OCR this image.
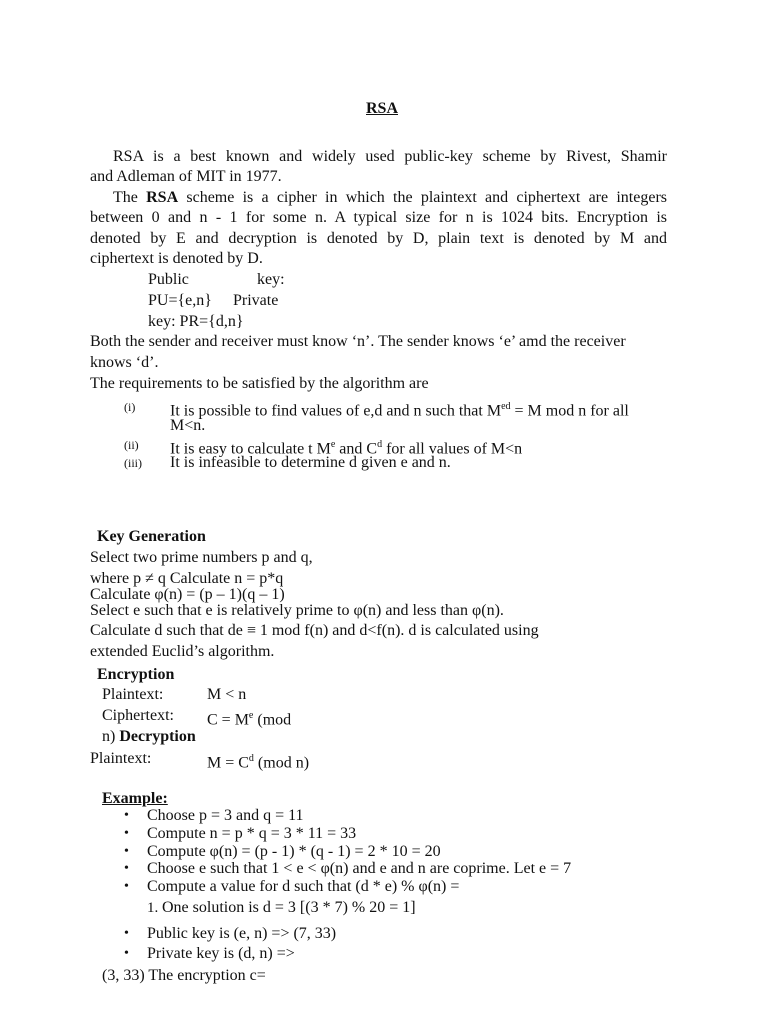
RSA
RSA is a best known and widely used public-key scheme by Rivest, Shamir
and Adleman of MIT in 1977.
The RSA scheme is a cipher in which the plaintext and ciphertext are integers
between 0 and n - 1 for some n. A typical size for n is 1024 bits. Encryption is
denoted by E and decryption is denoted by D, plain text is denoted by M and
ciphertext is denoted by D.
Public	key:
PU={e,n} Private
key: PR={d,n}
Both the sender and receiver must know ‘n’. The sender knows ‘e’ amd the receiver
knows ‘d’.
The requirements to be satisfied by the algorithm are
(i) It is possible to find values of e,d and n such that $M^{ed} = M$ mod n for all
M<n.
(ii) It is easy to calculate t Me and $C^d$ for all values of M<n
(iii) It is infeasible to determine d given e and n.
Key Generation
Select two prime numbers p and q,
where p ≠ q Calculate n = p*q
Calculate φ(n) = (p – 1)(q – 1)
Select e such that e is relatively prime to φ(n) and less than φ(n).
Calculate d such that de ≡ 1 mod f(n) and d<f(n). d is calculated using
extended Euclid’s algorithm.
Encryption
Plaintext:	M < n
Ciphertext: $C = M^e$ (mod
n) Decryption
Plaintext:	$M = C^d$ (mod n)
Example:
• Choose p = 3 and q = 11
• Compute n = p * q = 3 * 11 = 33
• Compute φ(n) = (p - 1) * (q - 1) = 2 * 10 = 20
• Choose e such that 1 < e < φ(n) and e and n are coprime. Let e = 7
• Compute a value for d such that (d * e) % φ(n) =
1. One solution is d = 3 [(3 * 7) % 20 = 1]
• Public key is (e, n) => (7, 33)
• Private key is (d, n) =>
(3, 33) The encryption c=
